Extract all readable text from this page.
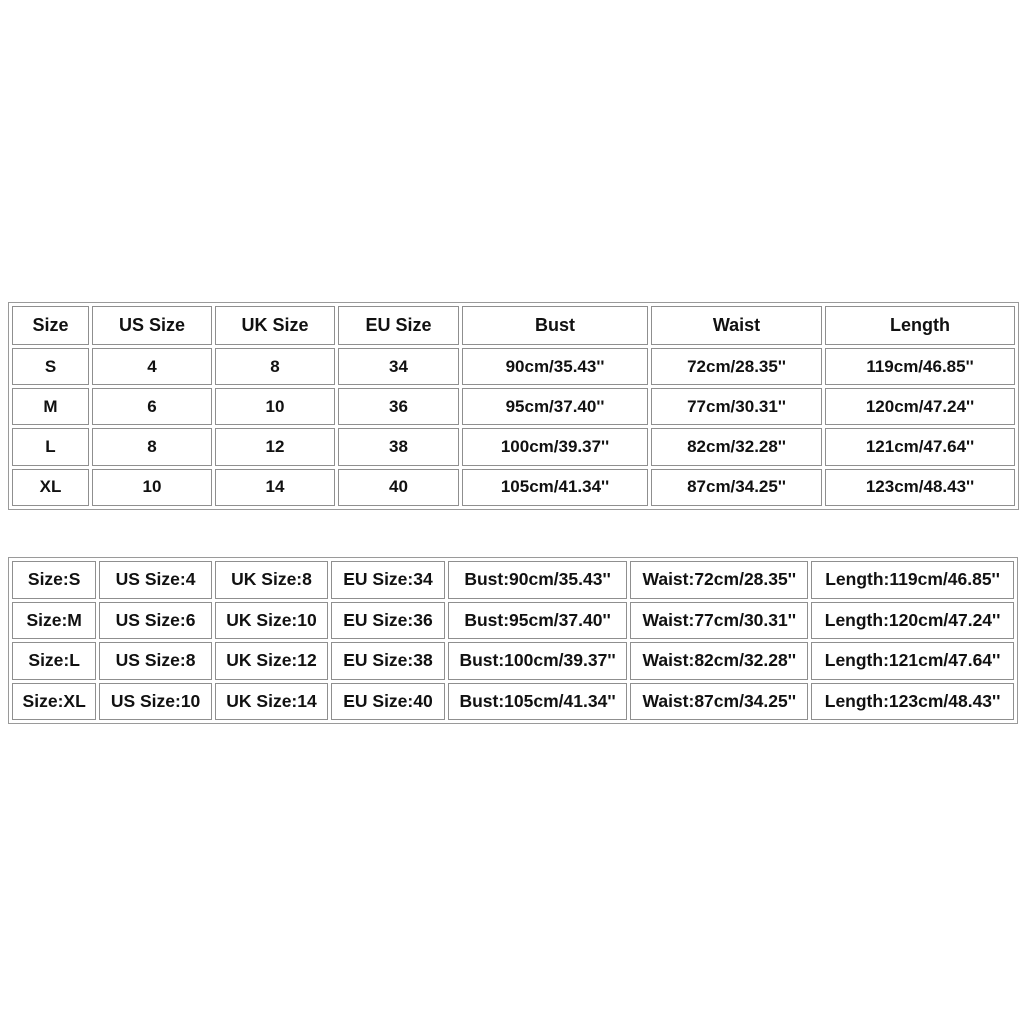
Size	US Size	UK Size	EU Size	Bust	Waist	Length
S	4	8	34	90cm/35.43''	72cm/28.35''	119cm/46.85''
M	6	10	36	95cm/37.40''	77cm/30.31''	120cm/47.24''
L	8	12	38	100cm/39.37''	82cm/32.28''	121cm/47.64''
XL	10	14	40	105cm/41.34''	87cm/34.25''	123cm/48.43''
Size:S	US Size:4	UK Size:8	EU Size:34	Bust:90cm/35.43''	Waist:72cm/28.35''	Length:119cm/46.85''
Size:M	US Size:6	UK Size:10	EU Size:36	Bust:95cm/37.40''	Waist:77cm/30.31''	Length:120cm/47.24''
Size:L	US Size:8	UK Size:12	EU Size:38	Bust:100cm/39.37''	Waist:82cm/32.28''	Length:121cm/47.64''
Size:XL	US Size:10	UK Size:14	EU Size:40	Bust:105cm/41.34''	Waist:87cm/34.25''	Length:123cm/48.43''
